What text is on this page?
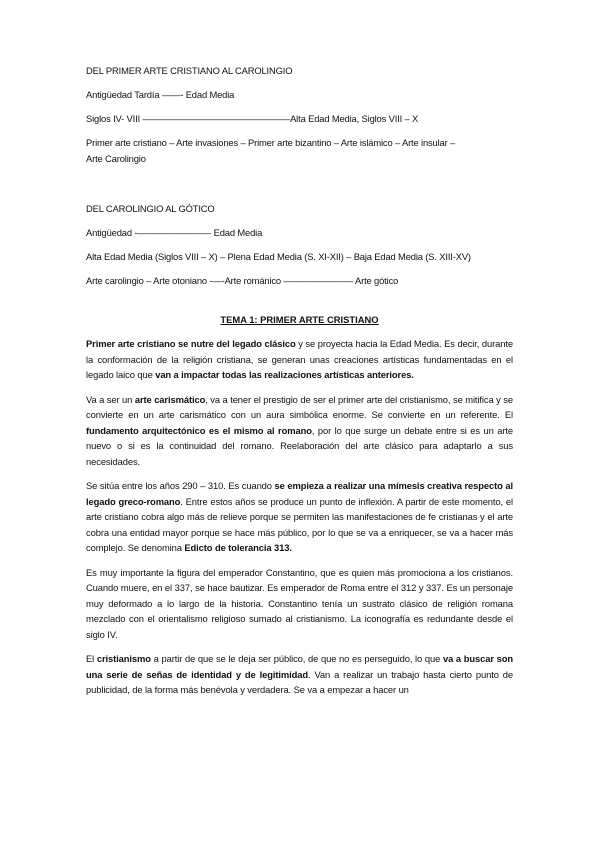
DEL PRIMER ARTE CRISTIANO AL CAROLINGIO

Antigüedad Tardía ——- Edad Media

Siglos IV- VIII ————————————————Alta Edad Media, Siglos VIII – X

Primer arte cristiano – Arte invasiones – Primer arte bizantino – Arte islámico – Arte insular –

Arte Carolingio

DEL CAROLINGIO AL GÓTICO

Antigüedad -———————— Edad Media

Alta Edad Media (Siglos VIII – X) – Plena Edad Media (S. XI-XII) – Baja Edad Media (S. XIII-XV)

Arte carolingio – Arte otoniano -—-Arte románico ———————– Arte gótico

TEMA 1: PRIMER ARTE CRISTIANO

Primer arte cristiano se nutre del legado clásico y se proyecta hacia la Edad Media. Es decir, durante la conformación de la religión cristiana, se generan unas creaciones artísticas fundamentadas en el legado laico que van a impactar todas las realizaciones artísticas anteriores.

Va a ser un arte carismático, va a tener el prestigio de ser el primer arte del cristianismo, se mitifica y se convierte en un arte carismático con un aura simbólica enorme. Se convierte en un referente. El fundamento arquitectónico es el mismo al romano, por lo que surge un debate entre si es un arte nuevo o si es la continuidad del romano. Reelaboración del arte clásico para adaptarlo a sus necesidades.

Se sitúa entre los años 290 – 310. Es cuando se empieza a realizar una mímesis creativa respecto al legado greco-romano. Entre estos años se produce un punto de inflexión. A partir de este momento, el arte cristiano cobra algo más de relieve porque se permiten las manifestaciones de fe cristianas y el arte cobra una entidad mayor porque se hace más público, por lo que se va a enriquecer, se va a hacer más complejo. Se denomina Edicto de tolerancia 313.

Es muy importante la figura del emperador Constantino, que es quien más promociona a los cristianos. Cuando muere, en el 337, se hace bautizar. Es emperador de Roma entre el 312 y 337. Es un personaje muy deformado a lo largo de la historia. Constantino tenía un sustrato clásico de religión romana mezclado con el orientalismo religioso sumado al cristianismo. La iconografía es redundante desde el siglo IV.

El cristianismo a partir de que se le deja ser público, de que no es perseguido, lo que va a buscar son una serie de señas de identidad y de legitimidad. Van a realizar un trabajo hasta cierto punto de publicidad, de la forma más benévola y verdadera. Se va a empezar a hacer un
